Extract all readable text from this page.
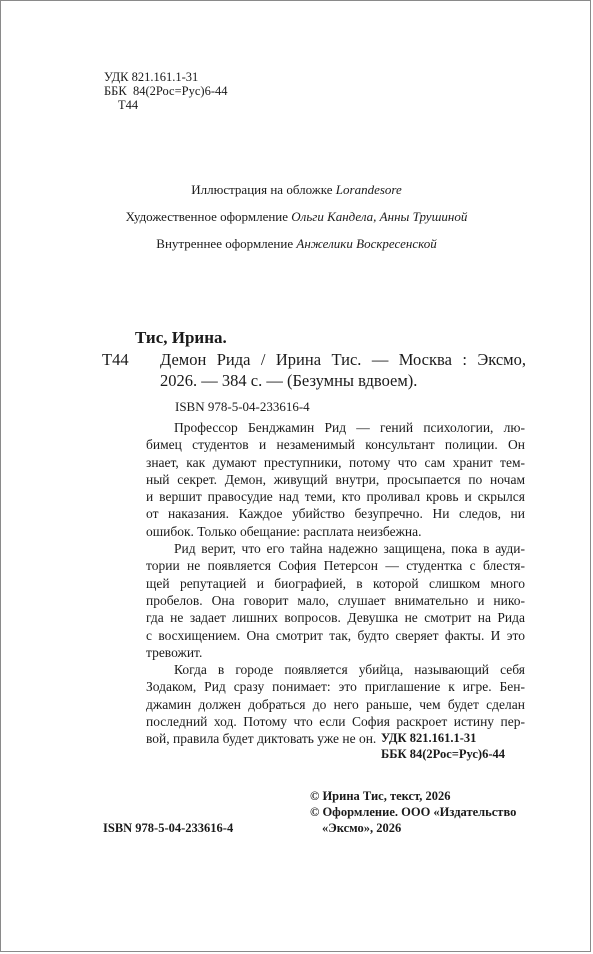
УДК 821.161.1-31
ББК  84(2Рос=Рус)6-44
Т44
Иллюстрация на обложке Lorandesore
Художественное оформление Ольги Кандела, Анны Трушиной
Внутреннее оформление Анжелики Воскресенской
Тис, Ирина.
Т44 Демон Рида / Ирина Тис. — Москва : Эксмо,
2026. — 384 с. — (Безумны вдвоем).
ISBN 978-5-04-233616-4
Профессор Бенджамин Рид — гений психологии, лю-
бимец студентов и незаменимый консультант полиции. Он
знает, как думают преступники, потому что сам хранит тем-
ный секрет. Демон, живущий внутри, просыпается по ночам
и вершит правосудие над теми, кто проливал кровь и скрылся
от наказания. Каждое убийство безупречно. Ни следов, ни
ошибок. Только обещание: расплата неизбежна.
Рид верит, что его тайна надежно защищена, пока в ауди-
тории не появляется София Петерсон — студентка с блестя-
щей репутацией и биографией, в которой слишком много
пробелов. Она говорит мало, слушает внимательно и нико-
гда не задает лишних вопросов. Девушка не смотрит на Рида
с восхищением. Она смотрит так, будто сверяет факты. И это
тревожит.
Когда в городе появляется убийца, называющий себя
Зодаком, Рид сразу понимает: это приглашение к игре. Бен-
джамин должен добраться до него раньше, чем будет сделан
последний ход. Потому что если София раскроет истину пер-
вой, правила будет диктовать уже не он. УДК 821.161.1-31
ББК 84(2Рос=Рус)6-44
© Ирина Тис, текст, 2026
© Оформление. ООО «Издательство
«Эксмо», 2026
ISBN 978-5-04-233616-4
